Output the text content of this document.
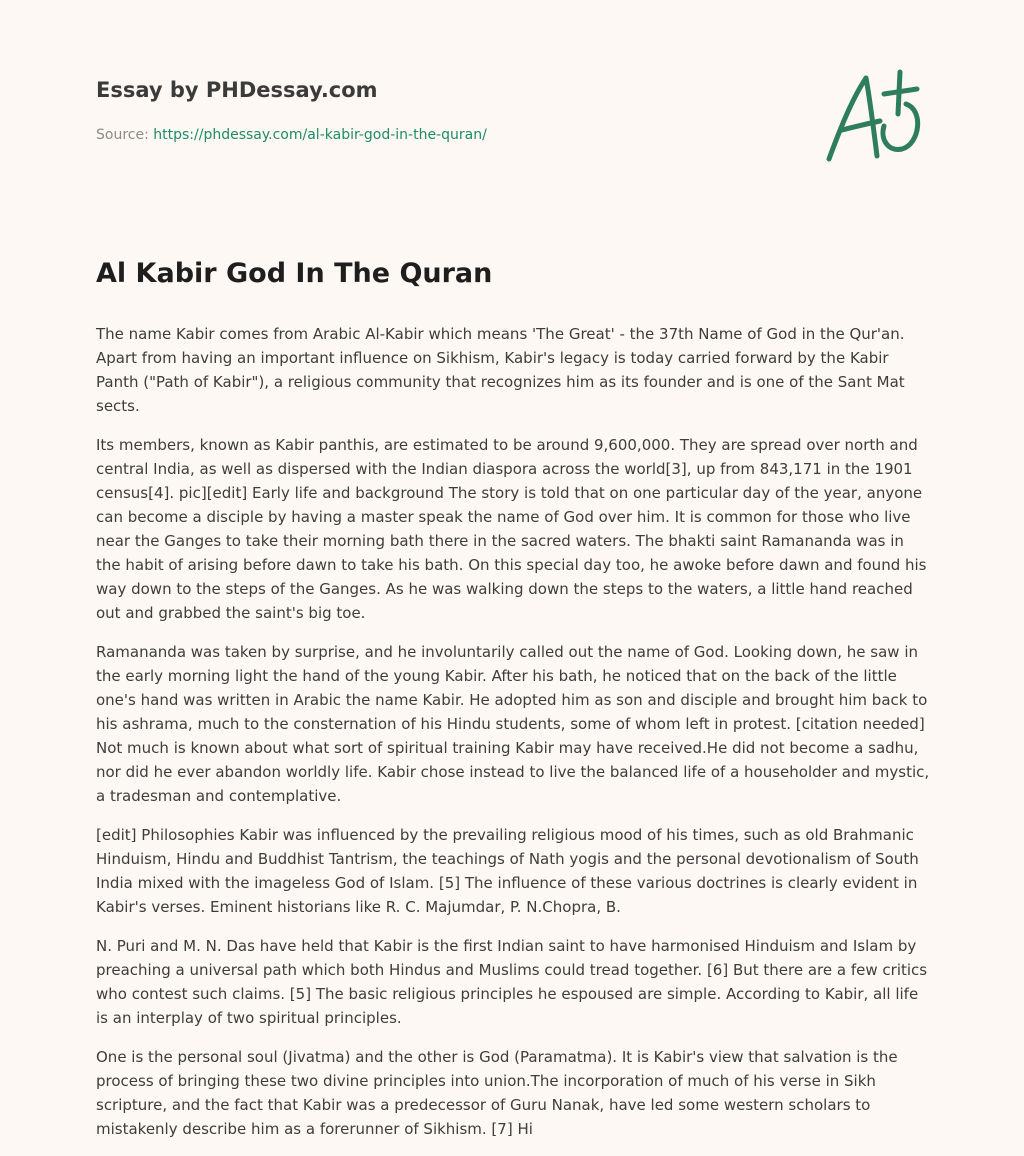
Essay by PHDessay.com
Source: https://phdessay.com/al-kabir-god-in-the-quran/
Al Kabir God In The Quran

The name Kabir comes from Arabic Al-Kabir which means 'The Great' - the 37th Name of God in the Qur'an. Apart from having an important influence on Sikhism, Kabir's legacy is today carried forward by the Kabir Panth ("Path of Kabir"), a religious community that recognizes him as its founder and is one of the Sant Mat sects.

Its members, known as Kabir panthis, are estimated to be around 9,600,000. They are spread over north and central India, as well as dispersed with the Indian diaspora across the world[3], up from 843,171 in the 1901 census[4]. pic][edit] Early life and background The story is told that on one particular day of the year, anyone can become a disciple by having a master speak the name of God over him. It is common for those who live near the Ganges to take their morning bath there in the sacred waters. The bhakti saint Ramananda was in the habit of arising before dawn to take his bath. On this special day too, he awoke before dawn and found his way down to the steps of the Ganges. As he was walking down the steps to the waters, a little hand reached out and grabbed the saint's big toe.

Ramananda was taken by surprise, and he involuntarily called out the name of God. Looking down, he saw in the early morning light the hand of the young Kabir. After his bath, he noticed that on the back of the little one's hand was written in Arabic the name Kabir. He adopted him as son and disciple and brought him back to his ashrama, much to the consternation of his Hindu students, some of whom left in protest. [citation needed] Not much is known about what sort of spiritual training Kabir may have received.He did not become a sadhu, nor did he ever abandon worldly life. Kabir chose instead to live the balanced life of a householder and mystic, a tradesman and contemplative.

[edit] Philosophies Kabir was influenced by the prevailing religious mood of his times, such as old Brahmanic Hinduism, Hindu and Buddhist Tantrism, the teachings of Nath yogis and the personal devotionalism of South India mixed with the imageless God of Islam. [5] The influence of these various doctrines is clearly evident in Kabir's verses. Eminent historians like R. C. Majumdar, P. N.Chopra, B.

N. Puri and M. N. Das have held that Kabir is the first Indian saint to have harmonised Hinduism and Islam by preaching a universal path which both Hindus and Muslims could tread together. [6] But there are a few critics who contest such claims. [5] The basic religious principles he espoused are simple. According to Kabir, all life is an interplay of two spiritual principles.

One is the personal soul (Jivatma) and the other is God (Paramatma). It is Kabir's view that salvation is the process of bringing these two divine principles into union.The incorporation of much of his verse in Sikh scripture, and the fact that Kabir was a predecessor of Guru Nanak, have led some western scholars to mistakenly describe him as a forerunner of Sikhism. [7] Hi
